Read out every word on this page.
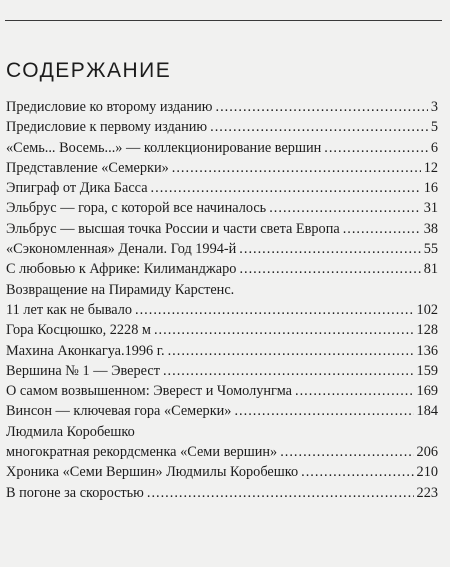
СОДЕРЖАНИЕ
Предисловие ко второму изданию .....	3
Предисловие к первому изданию .....	5
«Семь... Восемь...» — коллекционирование вершин .....	6
Представление «Семерки» .....	12
Эпиграф от Дика Басса .....	16
Эльбрус — гора, с которой все начиналось .....	31
Эльбрус — высшая точка России и части света Европа .....	38
«Сэкономленная» Денали. Год 1994-й .....	55
С любовью к Африке: Килиманджаро .....	81
Возвращение на Пирамиду Карстенс.
11 лет как не бывало .....	102
Гора Косцюшко, 2228 м .....	128
Махина Аконкагуа.1996 г. .....	136
Вершина № 1 — Эверест .....	159
О самом возвышенном: Эверест и Чомолунгма .....	169
Винсон — ключевая гора «Семерки» .....	184
Людмила Коробешко
многократная рекордсменка «Семи вершин» .....	206
Хроника «Семи Вершин» Людмилы Коробешко .....	210
В погоне за скоростью .....	223
